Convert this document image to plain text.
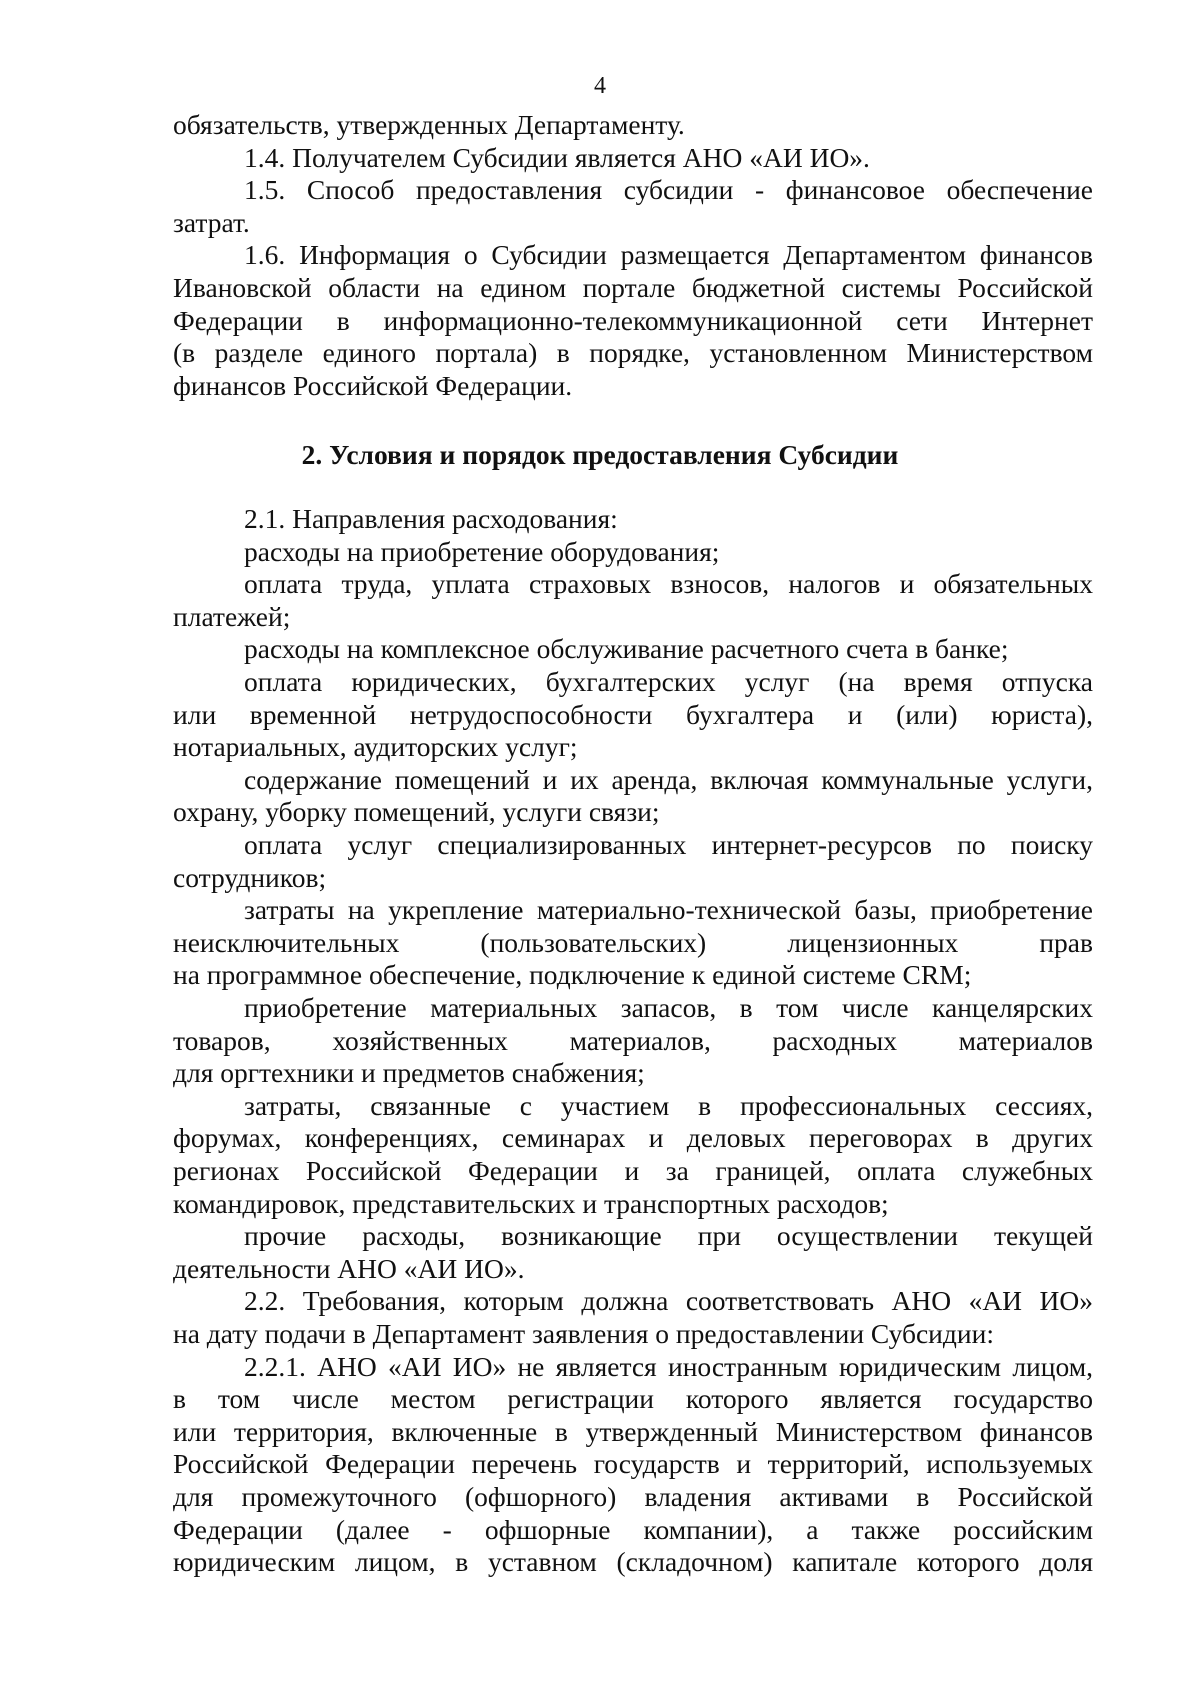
4
обязательств, утвержденных Департаменту.
1.4. Получателем Субсидии является АНО «АИ ИО».
1.5. Способ предоставления субсидии - финансовое обеспечение
затрат.
1.6. Информация о Субсидии размещается Департаментом финансов
Ивановской области на едином портале бюджетной системы Российской
Федерации в информационно-телекоммуникационной сети Интернет
(в разделе единого портала) в порядке, установленном Министерством
финансов Российской Федерации.
2. Условия и порядок предоставления Субсидии
2.1. Направления расходования:
расходы на приобретение оборудования;
оплата труда, уплата страховых взносов, налогов и обязательных
платежей;
расходы на комплексное обслуживание расчетного счета в банке;
оплата юридических, бухгалтерских услуг (на время отпуска
или временной нетрудоспособности бухгалтера и (или) юриста),
нотариальных, аудиторских услуг;
содержание помещений и их аренда, включая коммунальные услуги,
охрану, уборку помещений, услуги связи;
оплата услуг специализированных интернет-ресурсов по поиску
сотрудников;
затраты на укрепление материально-технической базы, приобретение
неисключительных (пользовательских) лицензионных прав
на программное обеспечение, подключение к единой системе CRM;
приобретение материальных запасов, в том числе канцелярских
товаров, хозяйственных материалов, расходных материалов
для оргтехники и предметов снабжения;
затраты, связанные с участием в профессиональных сессиях,
форумах, конференциях, семинарах и деловых переговорах в других
регионах Российской Федерации и за границей, оплата служебных
командировок, представительских и транспортных расходов;
прочие расходы, возникающие при осуществлении текущей
деятельности АНО «АИ ИО».
2.2. Требования, которым должна соответствовать АНО «АИ ИО»
на дату подачи в Департамент заявления о предоставлении Субсидии:
2.2.1. АНО «АИ ИО» не является иностранным юридическим лицом,
в том числе местом регистрации которого является государство
или территория, включенные в утвержденный Министерством финансов
Российской Федерации перечень государств и территорий, используемых
для промежуточного (офшорного) владения активами в Российской
Федерации (далее - офшорные компании), а также российским
юридическим лицом, в уставном (складочном) капитале которого доля
